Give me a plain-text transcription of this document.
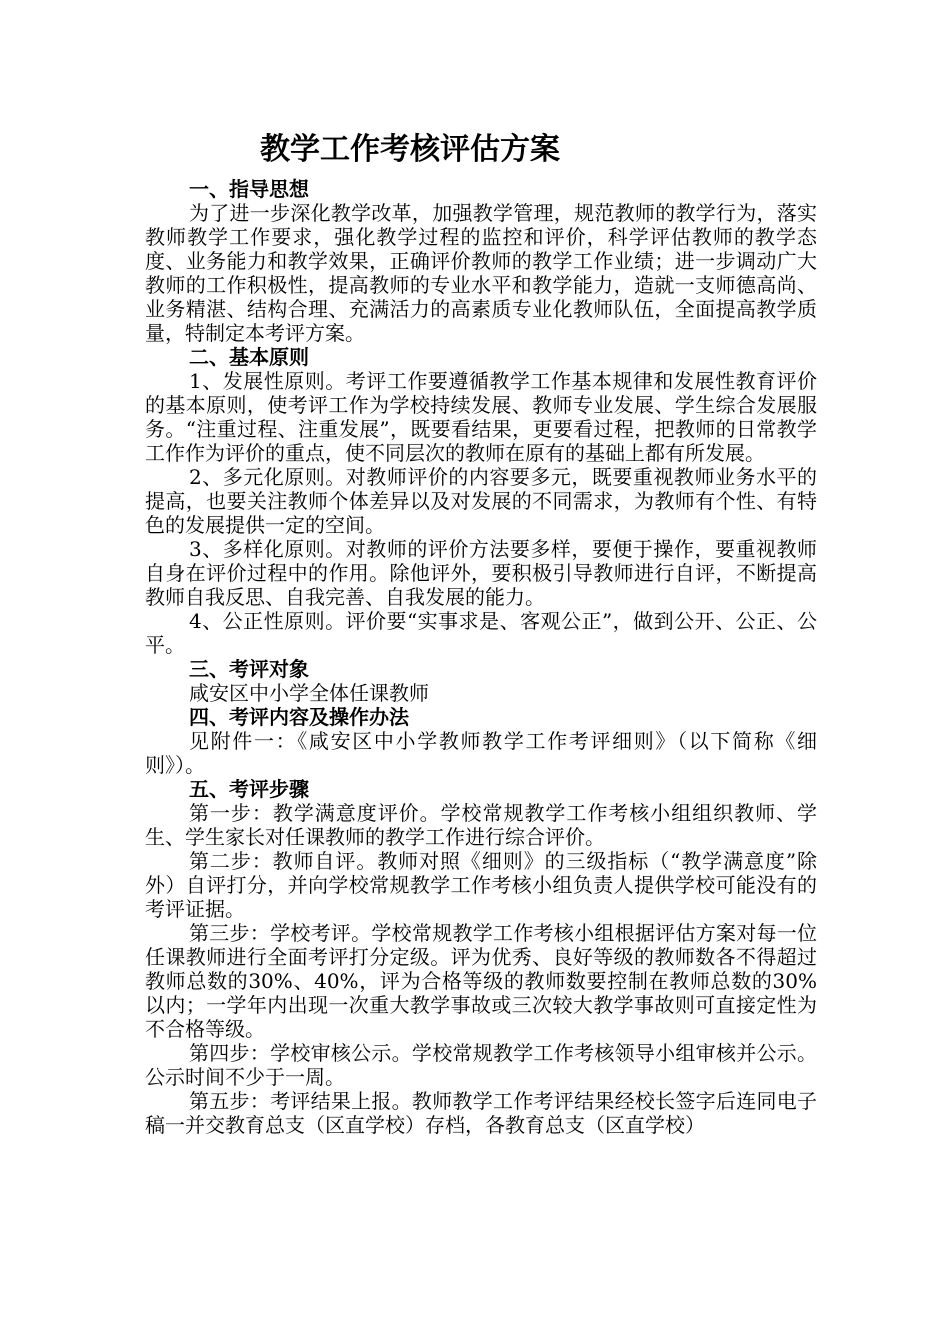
教学工作考核评估方案
一、指导思想

为了进一步深化教学改革，加强教学管理，规范教师的教学行为，落实教师教学工作要求，强化教学过程的监控和评价，科学评估教师的教学态度、业务能力和教学效果，正确评价教师的教学工作业绩；进一步调动广大教师的工作积极性，提高教师的专业水平和教学能力，造就一支师德高尚、业务精湛、结构合理、充满活力的高素质专业化教师队伍，全面提高教学质量，特制定本考评方案。

二、基本原则

1、发展性原则。考评工作要遵循教学工作基本规律和发展性教育评价的基本原则，使考评工作为学校持续发展、教师专业发展、学生综合发展服务。“注重过程、注重发展”，既要看结果，更要看过程，把教师的日常教学工作作为评价的重点，使不同层次的教师在原有的基础上都有所发展。

2、多元化原则。对教师评价的内容要多元，既要重视教师业务水平的提高，也要关注教师个体差异以及对发展的不同需求，为教师有个性、有特色的发展提供一定的空间。

3、多样化原则。对教师的评价方法要多样，要便于操作，要重视教师自身在评价过程中的作用。除他评外，要积极引导教师进行自评，不断提高教师自我反思、自我完善、自我发展的能力。

4、公正性原则。评价要“实事求是、客观公正”，做到公开、公正、公平。

三、考评对象

咸安区中小学全体任课教师

四、考评内容及操作办法

见附件一：《咸安区中小学教师教学工作考评细则》（以下简称《细则》）。

五、考评步骤

第一步：教学满意度评价。学校常规教学工作考核小组组织教师、学生、学生家长对任课教师的教学工作进行综合评价。

第二步：教师自评。教师对照《细则》的三级指标（“教学满意度”除外）自评打分，并向学校常规教学工作考核小组负责人提供学校可能没有的考评证据。

第三步：学校考评。学校常规教学工作考核小组根据评估方案对每一位任课教师进行全面考评打分定级。评为优秀、良好等级的教师数各不得超过教师总数的30%、40%，评为合格等级的教师数要控制在教师总数的30%以内；一学年内出现一次重大教学事故或三次较大教学事故则可直接定性为不合格等级。

第四步：学校审核公示。学校常规教学工作考核领导小组审核并公示。公示时间不少于一周。

第五步：考评结果上报。教师教学工作考评结果经校长签字后连同电子稿一并交教育总支（区直学校）存档，各教育总支（区直学校）
